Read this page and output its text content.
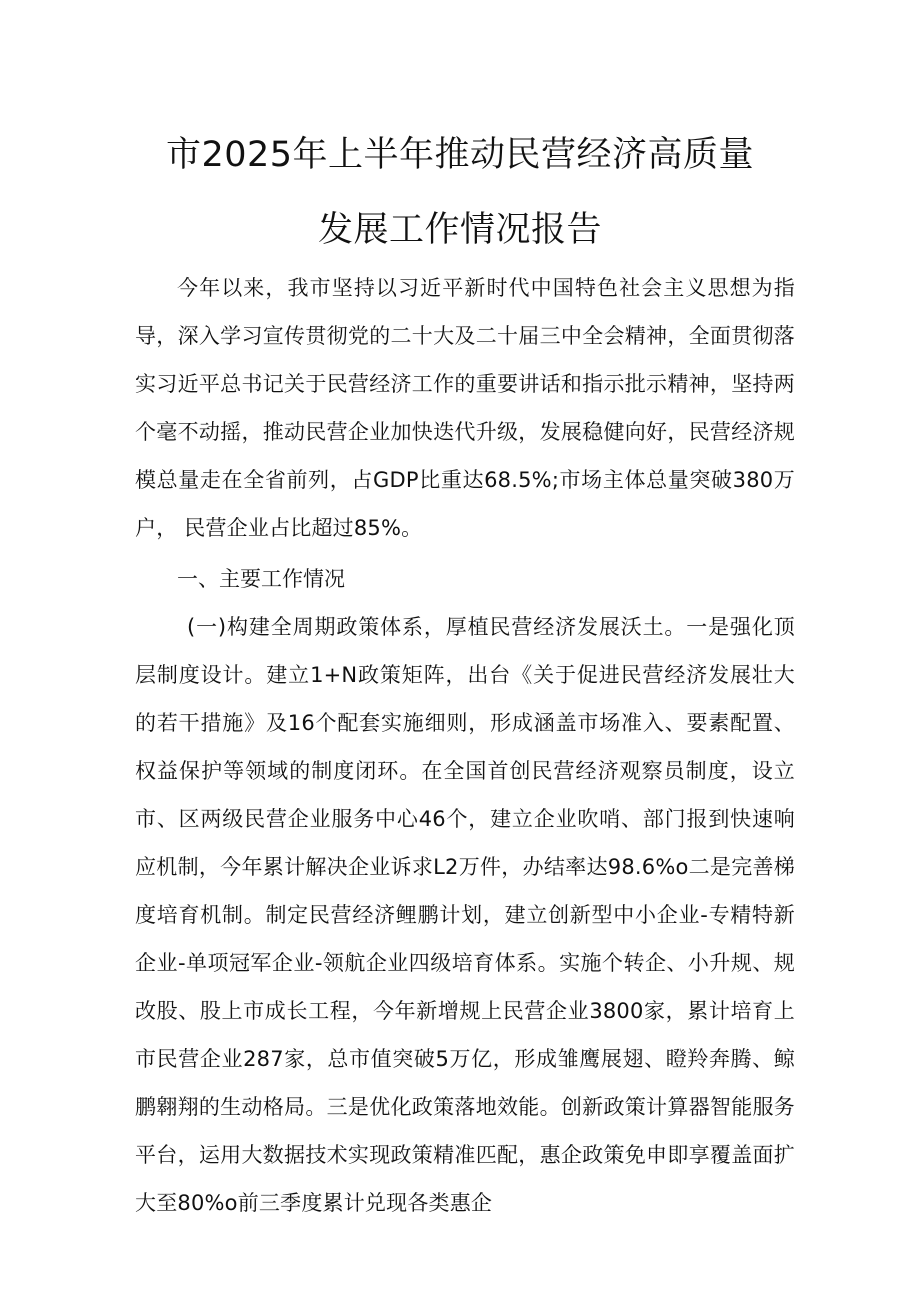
市2025年上半年推动民营经济高质量
发展工作情况报告

今年以来，我市坚持以习近平新时代中国特色社会主义思想为指导，深入学习宣传贯彻党的二十大及二十届三中全会精神，全面贯彻落实习近平总书记关于民营经济工作的重要讲话和指示批示精神，坚持两个毫不动摇，推动民营企业加快迭代升级，发展稳健向好，民营经济规模总量走在全省前列，占GDP比重达68.5%;市场主体总量突破380万户， 民营企业占比超过85%。

一、主要工作情况

(一)构建全周期政策体系，厚植民营经济发展沃土。一是强化顶层制度设计。建立1+N政策矩阵，出台《关于促进民营经济发展壮大的若干措施》及16个配套实施细则，形成涵盖市场准入、要素配置、权益保护等领域的制度闭环。在全国首创民营经济观察员制度，设立市、区两级民营企业服务中心46个，建立企业吹哨、部门报到快速响应机制，今年累计解决企业诉求L2万件，办结率达98.6%o二是完善梯度培育机制。制定民营经济鲤鹏计划，建立创新型中小企业-专精特新企业-单项冠军企业-领航企业四级培育体系。实施个转企、小升规、规改股、股上市成长工程，今年新增规上民营企业3800家，累计培育上市民营企业287家，总市值突破5万亿，形成雏鹰展翅、瞪羚奔腾、鲸鹏翱翔的生动格局。三是优化政策落地效能。创新政策计算器智能服务平台，运用大数据技术实现政策精准匹配，惠企政策免申即享覆盖面扩大至80%o前三季度累计兑现各类惠企
